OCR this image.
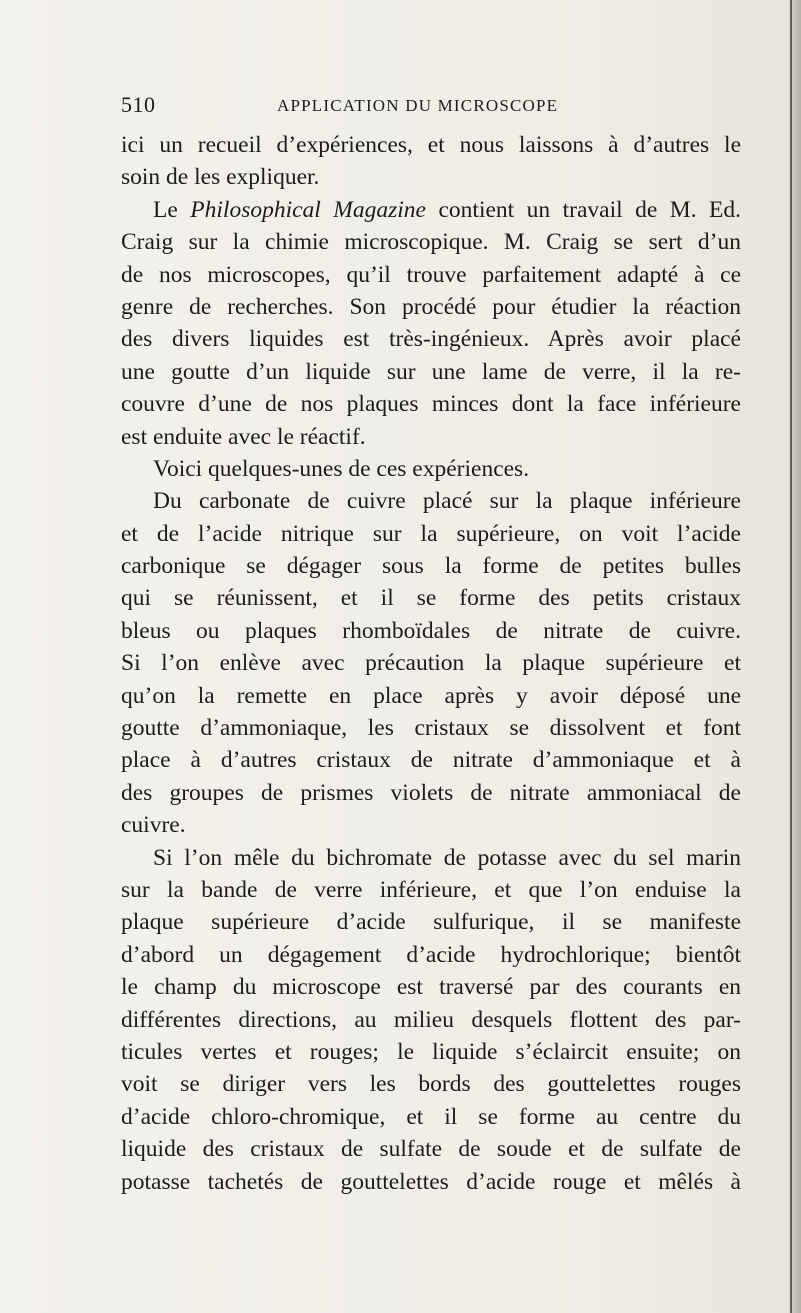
510	APPLICATION DU MICROSCOPE
ici un recueil d’expériences, et nous laissons à d’autres le
soin de les expliquer.
Le Philosophical Magazine contient un travail de M. Ed.
Craig sur la chimie microscopique. M. Craig se sert d’un
de nos microscopes, qu’il trouve parfaitement adapté à ce
genre de recherches. Son procédé pour étudier la réaction
des divers liquides est très-ingénieux. Après avoir placé
une goutte d’un liquide sur une lame de verre, il la re-
couvre d’une de nos plaques minces dont la face inférieure
est enduite avec le réactif.
Voici quelques-unes de ces expériences.
Du carbonate de cuivre placé sur la plaque inférieure
et de l’acide nitrique sur la supérieure, on voit l’acide
carbonique se dégager sous la forme de petites bulles
qui se réunissent, et il se forme des petits cristaux
bleus ou plaques rhomboïdales de nitrate de cuivre.
Si l’on enlève avec précaution la plaque supérieure et
qu’on la remette en place après y avoir déposé une
goutte d’ammoniaque, les cristaux se dissolvent et font
place à d’autres cristaux de nitrate d’ammoniaque et à
des groupes de prismes violets de nitrate ammoniacal de
cuivre.
Si l’on mêle du bichromate de potasse avec du sel marin
sur la bande de verre inférieure, et que l’on enduise la
plaque supérieure d’acide sulfurique, il se manifeste
d’abord un dégagement d’acide hydrochlorique; bientôt
le champ du microscope est traversé par des courants en
différentes directions, au milieu desquels flottent des par-
ticules vertes et rouges; le liquide s’éclaircit ensuite; on
voit se diriger vers les bords des gouttelettes rouges
d’acide chloro-chromique, et il se forme au centre du
liquide des cristaux de sulfate de soude et de sulfate de
potasse tachetés de gouttelettes d’acide rouge et mêlés à
